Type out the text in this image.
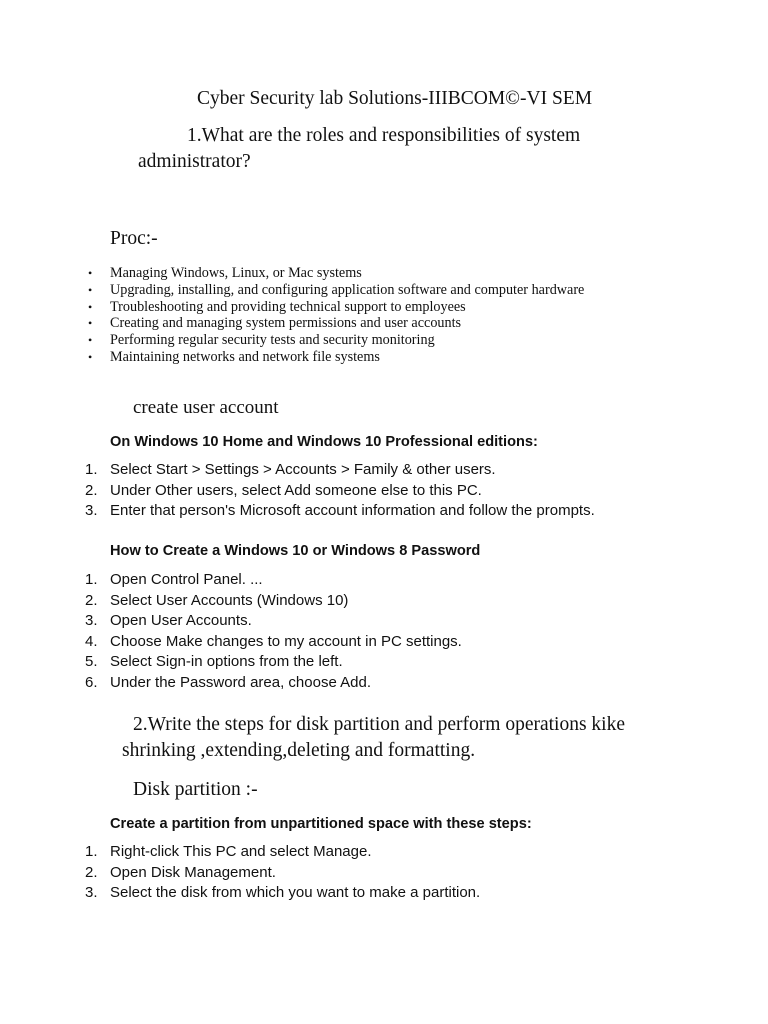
Cyber Security lab Solutions-IIIBCOM©-VI SEM
1.What are the roles and responsibilities of system
administrator?
Proc:-
• Managing Windows, Linux, or Mac systems
• Upgrading, installing, and configuring application software and computer hardware
• Troubleshooting and providing technical support to employees
• Creating and managing system permissions and user accounts
• Performing regular security tests and security monitoring
• Maintaining networks and network file systems
create user account
On Windows 10 Home and Windows 10 Professional editions:
1. Select Start > Settings > Accounts > Family & other users.
2. Under Other users, select Add someone else to this PC.
3. Enter that person's Microsoft account information and follow the prompts.
How to Create a Windows 10 or Windows 8 Password
1. Open Control Panel. ...
2. Select User Accounts (Windows 10)
3. Open User Accounts.
4. Choose Make changes to my account in PC settings.
5. Select Sign-in options from the left.
6. Under the Password area, choose Add.
2.Write the steps for disk partition and perform operations kike
shrinking ,extending,deleting and formatting.
Disk partition :-
Create a partition from unpartitioned space with these steps:
1. Right-click This PC and select Manage.
2. Open Disk Management.
3. Select the disk from which you want to make a partition.
